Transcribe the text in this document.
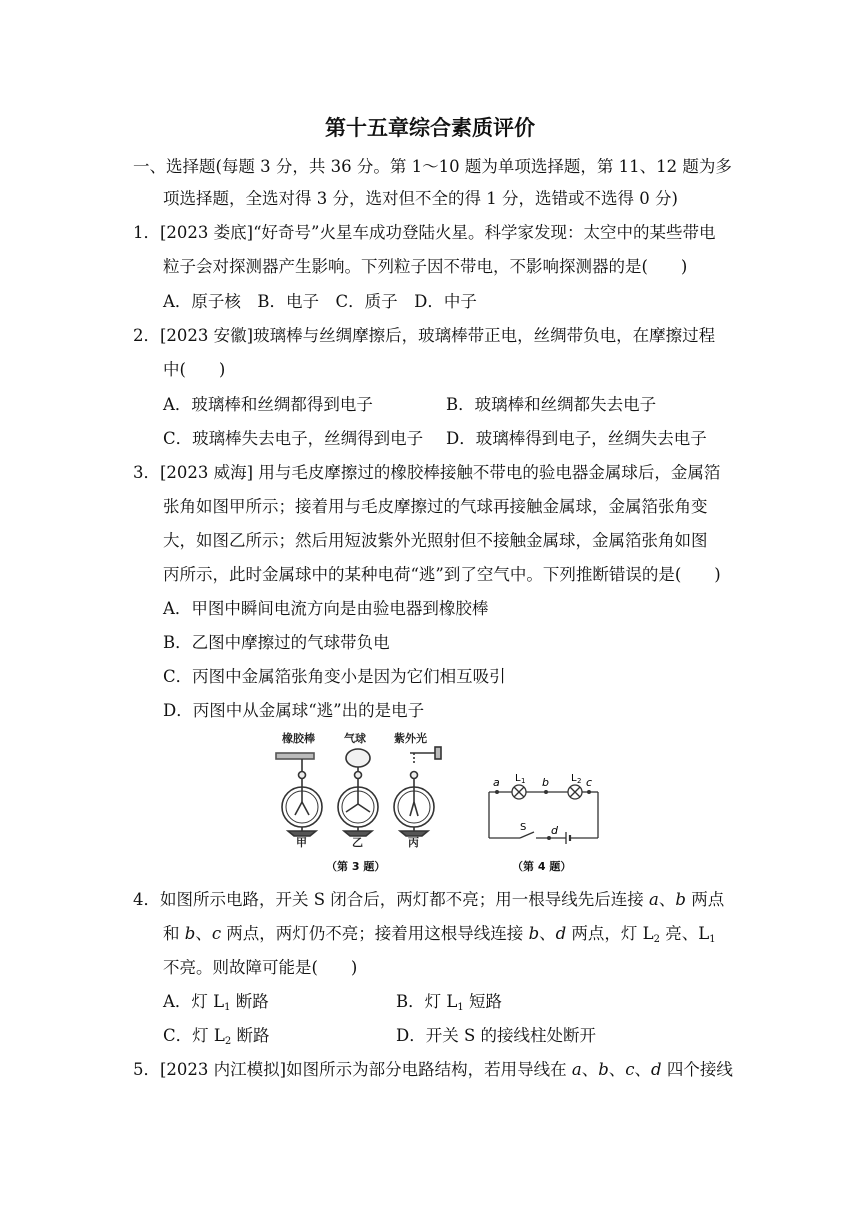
第十五章综合素质评价
一、选择题(每题 3 分，共 36 分。第 1～10 题为单项选择题，第 11、12 题为多
项选择题，全选对得 3 分，选对但不全的得 1 分，选错或不选得 0 分)
1．[2023 娄底]“好奇号”火星车成功登陆火星。科学家发现：太空中的某些带电
粒子会对探测器产生影响。下列粒子因不带电，不影响探测器的是(　　)
A．原子核　B．电子　C．质子　D．中子
2．[2023 安徽]玻璃棒与丝绸摩擦后，玻璃棒带正电，丝绸带负电，在摩擦过程
中(　　)
A．玻璃棒和丝绸都得到电子	B．玻璃棒和丝绸都失去电子
C．玻璃棒失去电子，丝绸得到电子 D．玻璃棒得到电子，丝绸失去电子
3．[2023 威海] 用与毛皮摩擦过的橡胶棒接触不带电的验电器金属球后，金属箔
张角如图甲所示；接着用与毛皮摩擦过的气球再接触金属球，金属箔张角变
大，如图乙所示；然后用短波紫外光照射但不接触金属球，金属箔张角如图
丙所示，此时金属球中的某种电荷“逃”到了空气中。下列推断错误的是(　　)
A．甲图中瞬间电流方向是由验电器到橡胶棒
B．乙图中摩擦过的气球带负电
C．丙图中金属箔张角变小是因为它们相互吸引
D．丙图中从金属球“逃”出的是电子
橡胶棒	气球	紫外光
甲	乙	丙
（第 3 题）
a	b	c
d
L 1	L 2
S
（第 4 题）
4．如图所示电路，开关 S 闭合后，两灯都不亮；用一根导线先后连接 a、b 两点
和 b、c 两点，两灯仍不亮；接着用这根导线连接 b、d 两点，灯 $L_2$ 亮、$L_1$
不亮。则故障可能是(　　)
A．灯 $L_1$ 断路	B．灯 $L_1$ 短路
C．灯 $L_2$ 断路	D．开关 S 的接线柱处断开
5．[2023 内江模拟]如图所示为部分电路结构，若用导线在 a、b、c、d 四个接线
